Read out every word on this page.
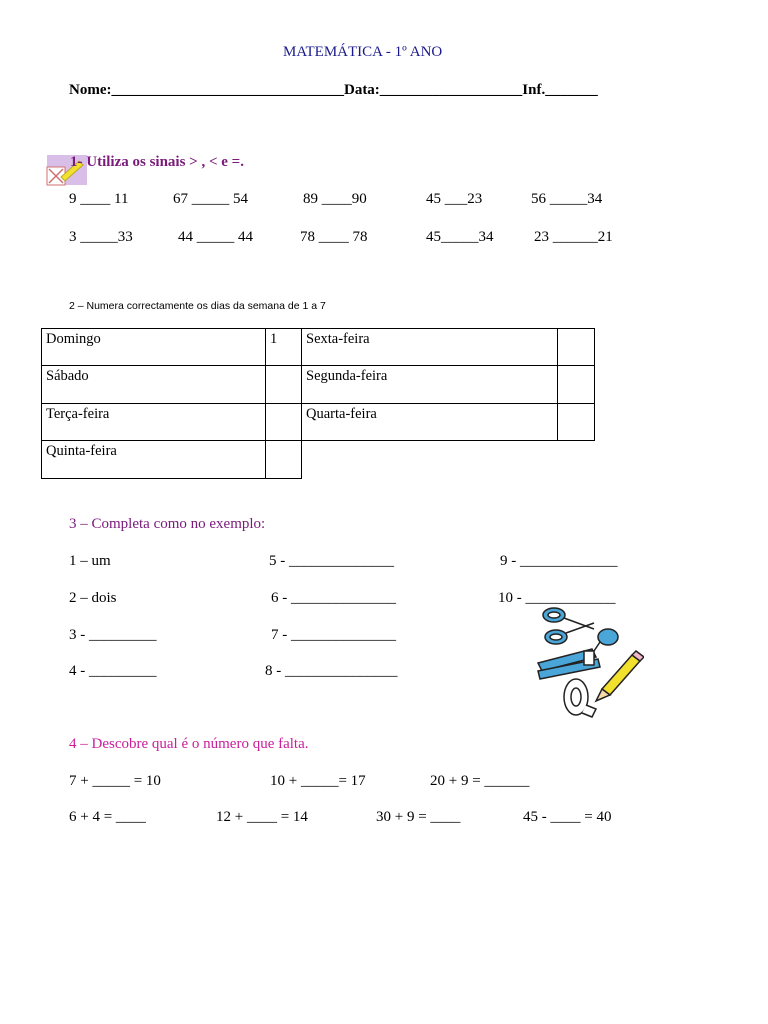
MATEMÁTICA - 1º ANO
Nome:_______________________________Data:___________________Inf._______
1- Utiliza os sinais > , < e =.
9 ____ 11	67 _____ 54	89 ____90	45 ___23	56 _____34
3 _____33	44 _____ 44	78 ____ 78	45_____34	23 ______21
2 – Numera correctamente os dias da semana de 1 a 7
Domingo	1	Sexta-feira	
Sábado		Segunda-feira	
Terça-feira		Quarta-feira	
Quinta-feira			
3 – Completa como no exemplo:
1 – um
2 – dois
3 - _________
4 - _________
5 - ______________
6 - ______________
7 - ______________
8 - _______________
9 - _____________
10 - ____________
4 – Descobre qual é o número que falta.
7 + _____ = 10	10 + _____= 17	20 + 9 = ______
6 + 4 = ____	12 + ____ = 14	30 + 9 = ____	45 - ____ = 40
